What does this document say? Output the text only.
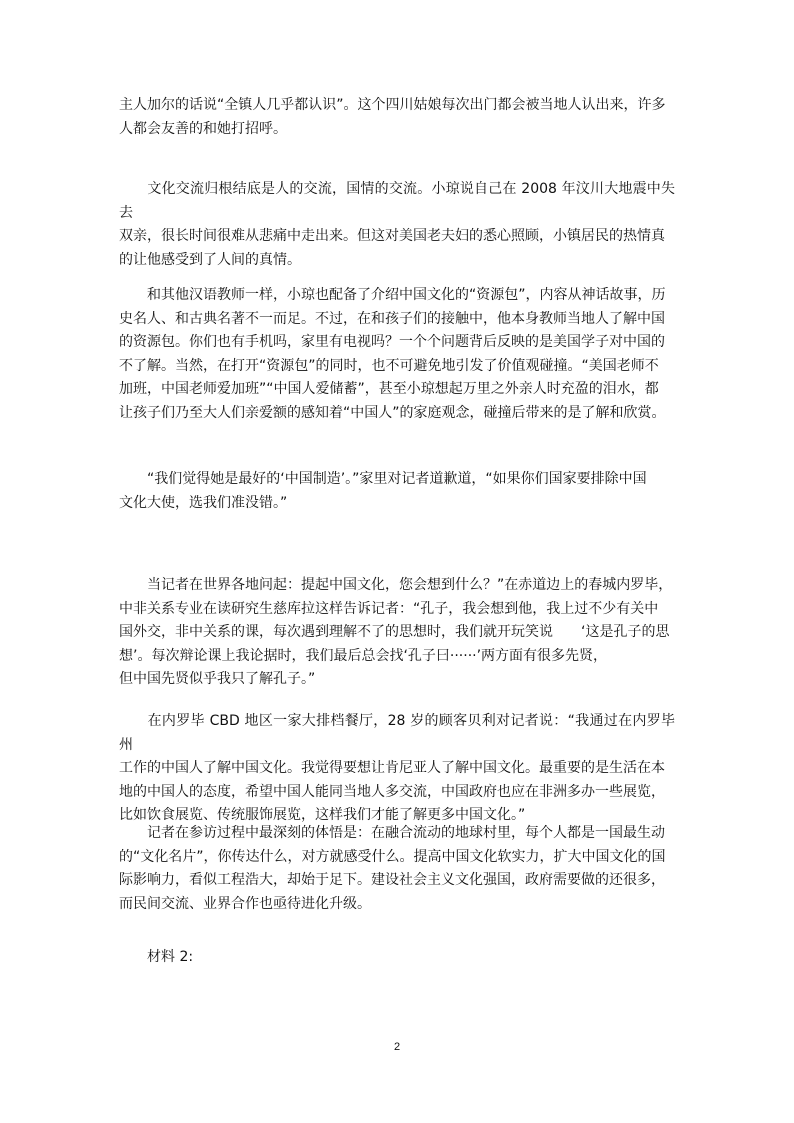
主人加尔的话说“全镇人几乎都认识”。这个四川姑娘每次出门都会被当地人认出来，许多
人都会友善的和她打招呼。

　　文化交流归根结底是人的交流，国情的交流。小琼说自己在 2008 年汶川大地震中失去
双亲，很长时间很难从悲痛中走出来。但这对美国老夫妇的悉心照顾，小镇居民的热情真
的让他感受到了人间的真情。

　　和其他汉语教师一样，小琼也配备了介绍中国文化的“资源包”，内容从神话故事，历
史名人、和古典名著不一而足。不过，在和孩子们的接触中，他本身教师当地人了解中国
的资源包。你们也有手机吗，家里有电视吗？一个个问题背后反映的是美国学子对中国的
不了解。当然，在打开“资源包”的同时，也不可避免地引发了价值观碰撞。“美国老师不
加班，中国老师爱加班”“中国人爱储蓄”，甚至小琼想起万里之外亲人时充盈的泪水，都
让孩子们乃至大人们亲爱额的感知着“中国人”的家庭观念，碰撞后带来的是了解和欣赏。

　　“我们觉得她是最好的‘中国制造’。”家里对记者道歉道，“如果你们国家要排除中国
文化大使，选我们准没错。”

　　当记者在世界各地问起：提起中国文化，您会想到什么？”在赤道边上的春城内罗毕，
中非关系专业在读研究生慈库拉这样告诉记者：“孔子，我会想到他，我上过不少有关中
国外交，非中关系的课，每次遇到理解不了的思想时，我们就开玩笑说　　‘这是孔子的思
想’。每次辩论课上我论据时，我们最后总会找‘孔子曰······’两方面有很多先贤，
但中国先贤似乎我只了解孔子。”

　　在内罗毕 CBD 地区一家大排档餐厅，28 岁的顾客贝利对记者说：“我通过在内罗毕州
工作的中国人了解中国文化。我觉得要想让肯尼亚人了解中国文化。最重要的是生活在本
地的中国人的态度，希望中国人能同当地人多交流，中国政府也应在非洲多办一些展览，
比如饮食展览、传统服饰展览，这样我们才能了解更多中国文化。”

　　记者在参访过程中最深刻的体悟是：在融合流动的地球村里，每个人都是一国最生动
的“文化名片”，你传达什么，对方就感受什么。提高中国文化软实力，扩大中国文化的国
际影响力，看似工程浩大，却始于足下。建设社会主义文化强国，政府需要做的还很多，
而民间交流、业界合作也亟待进化升级。

　　材料 2:

2
